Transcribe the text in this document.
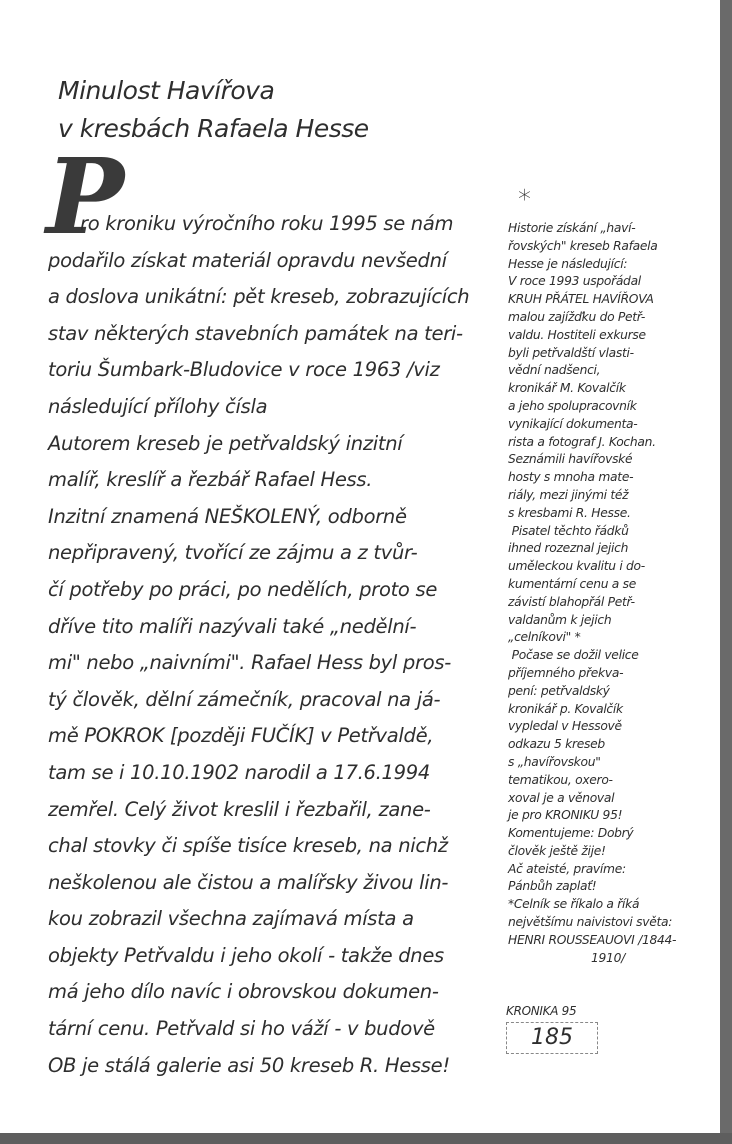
Minulost Havířova
v kresbách Rafaela Hesse
P
ro kroniku výročního roku 1995 se nám
podařilo získat materiál opravdu nevšední
a doslova unikátní: pět kreseb, zobrazujících
stav některých stavebních památek na teri-
toriu Šumbark-Bludovice v roce 1963 /viz
následující přílohy čísla
Autorem kreseb je petřvaldský inzitní
malíř, kreslíř a řezbář Rafael Hess.
Inzitní znamená NEŠKOLENÝ, odborně
nepřipravený, tvořící ze zájmu a z tvůr-
čí potřeby po práci, po nedělích, proto se
dříve tito malíři nazývali také „nedělní-
mi" nebo „naivními". Rafael Hess byl pros-
tý člověk, dělní zámečník, pracoval na já-
mě POKROK [později FUČÍK] v Petřvaldě,
tam se i 10.10.1902 narodil a 17.6.1994
zemřel. Celý život kreslil i řezbařil, zane-
chal stovky či spíše tisíce kreseb, na nichž
neškolenou ale čistou a malířsky živou lin-
kou zobrazil všechna zajímavá místa a
objekty Petřvaldu i jeho okolí - takže dnes
má jeho dílo navíc i obrovskou dokumen-
tární cenu. Petřvald si ho váží - v budově
OB je stálá galerie asi 50 kreseb R. Hesse!
*
Historie získání „haví-
řovských" kreseb Rafaela
Hesse je následující:
V roce 1993 uspořádal
KRUH PŘÁTEL HAVÍŘOVA
malou zajížďku do Petř-
valdu. Hostiteli exkurse
byli petřvaldští vlasti-
vědní nadšenci,
kronikář M. Kovalčík
a jeho spolupracovník
vynikající dokumenta-
rista a fotograf J. Kochan.
Seznámili havířovské
hosty s mnoha mate-
riály, mezi jinými též
s kresbami R. Hesse.
Pisatel těchto řádků
ihned rozeznal jejich
uměleckou kvalitu i do-
kumentární cenu a se
závistí blahopřál Petř-
valdanům k jejich
„celníkovi" *
Počase se dožil velice
příjemného překva-
pení: petřvaldský
kronikář p. Kovalčík
vypledal v Hessově
odkazu 5 kreseb
s „havířovskou"
tematikou, oxero-
xoval je a věnoval
je pro KRONIKU 95!
Komentujeme: Dobrý
člověk ještě žije!
Ač ateisté, pravíme:
Pánbůh zaplať!
*Celník se říkalo a říká
největšímu naivistovi světa:
HENRI ROUSSEAUOVI /1844-
1910/
KRONIKA 95
185
